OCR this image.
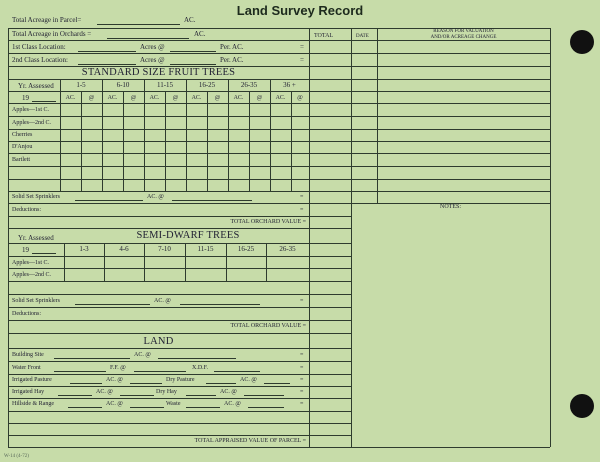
Land Survey Record
TOTAL	DATE
REASON FOR VALUATION
AND/OR ACREAGE CHANGE
NOTES:
Total Acreage in Parcel=	AC.
Total Acreage in Orchards =	AC.
1st Class Location:	Acres @	Per. AC.	=
2nd Class Location:	Acres @	Per. AC.	=
STANDARD SIZE FRUIT TREES
Yr. Assessed
19
1-5	6-10	11-15	16-25	26-35	36 +
AC.	@	AC.	@	AC.	@	AC.	@	AC.	@	AC.	@
Apples—1st C.
Apples—2nd C.
Cherries
D'Anjou
Bartlett
Solid Set Sprinklers	AC. @	=
Deductions:	=
TOTAL ORCHARD VALUE =
Yr. Assessed	SEMI-DWARF TREES
19	1-3	4-6	7-10	11-15	16-25	26-35
Apples—1st C.
Apples—2nd C.
Solid Set Sprinklers	AC. @	=
Deductions:
TOTAL ORCHARD VALUE =
LAND
Building Site	AC. @	=
Water Front	F.F. @	X.D.F.	=
Irrigated Pasture	AC. @	Dry Pasture	AC. @	=
Irrigated Hay	AC. @	Dry Hay	AC. @	=
Hillside & Range	AC. @	Waste	AC. @	=
TOTAL APPRAISED VALUE OF PARCEL =
W-14 (4-72)
